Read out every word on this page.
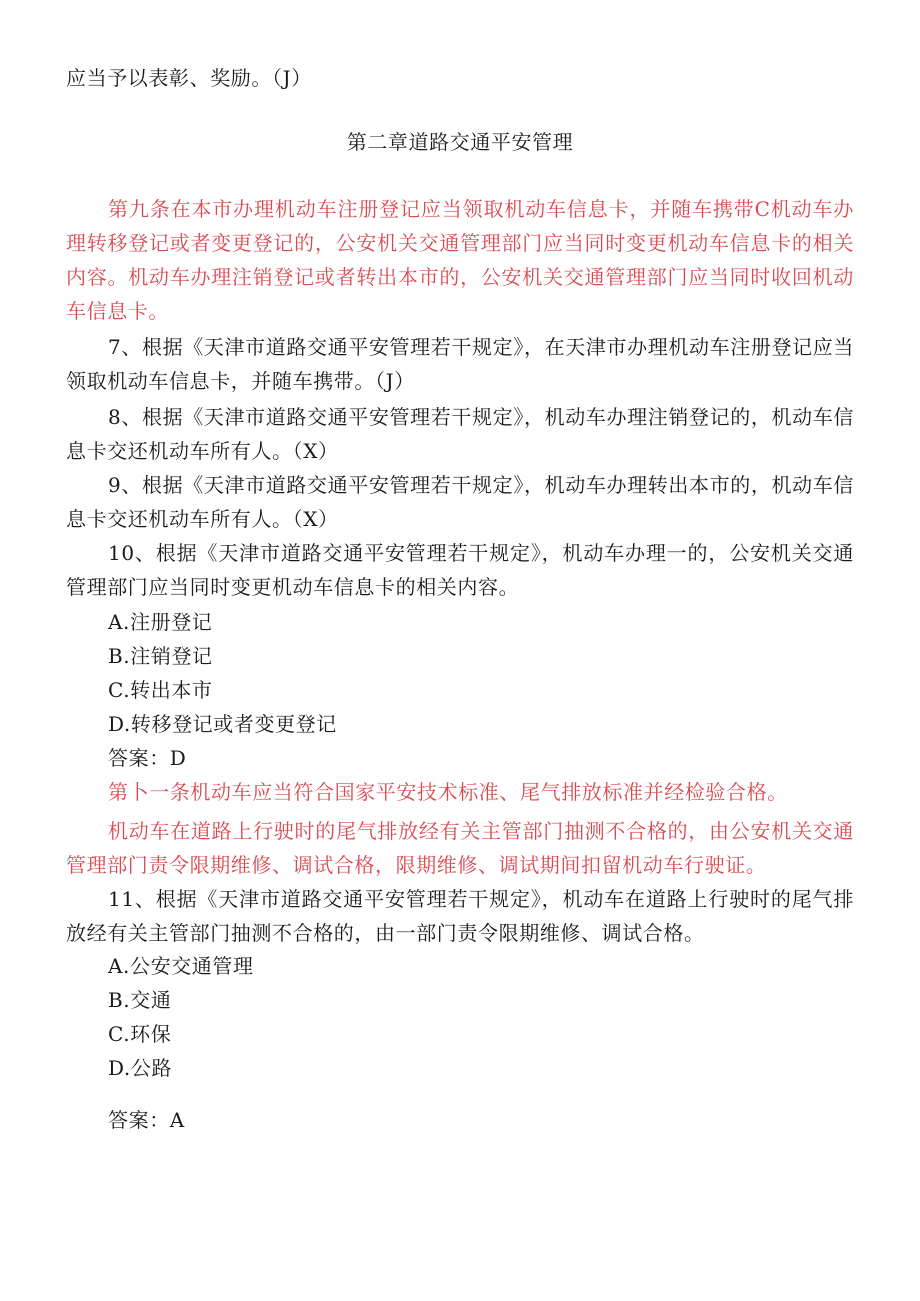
应当予以表彰、奖励。（J）
第二章道路交通平安管理
第九条在本市办理机动车注册登记应当领取机动车信息卡，并随车携带C机动车办理转移登记或者变更登记的，公安机关交通管理部门应当同时变更机动车信息卡的相关内容。机动车办理注销登记或者转出本市的，公安机关交通管理部门应当同时收回机动车信息卡。
7、根据《天津市道路交通平安管理若干规定》，在天津市办理机动车注册登记应当领取机动车信息卡，并随车携带。（J）
8、根据《天津市道路交通平安管理若干规定》，机动车办理注销登记的，机动车信息卡交还机动车所有人。（X）
9、根据《天津市道路交通平安管理若干规定》，机动车办理转出本市的，机动车信息卡交还机动车所有人。（X）
10、根据《天津市道路交通平安管理若干规定》，机动车办理一的，公安机关交通管理部门应当同时变更机动车信息卡的相关内容。
A.注册登记
B.注销登记
C.转出本市
D.转移登记或者变更登记
答案：D
第卜一条机动车应当符合国家平安技术标准、尾气排放标准并经检验合格。
机动车在道路上行驶时的尾气排放经有关主管部门抽测不合格的，由公安机关交通管理部门责令限期维修、调试合格，限期维修、调试期间扣留机动车行驶证。
11、根据《天津市道路交通平安管理若干规定》，机动车在道路上行驶时的尾气排放经有关主管部门抽测不合格的，由一部门责令限期维修、调试合格。
A.公安交通管理
B.交通
C.环保
D.公路
答案：A
